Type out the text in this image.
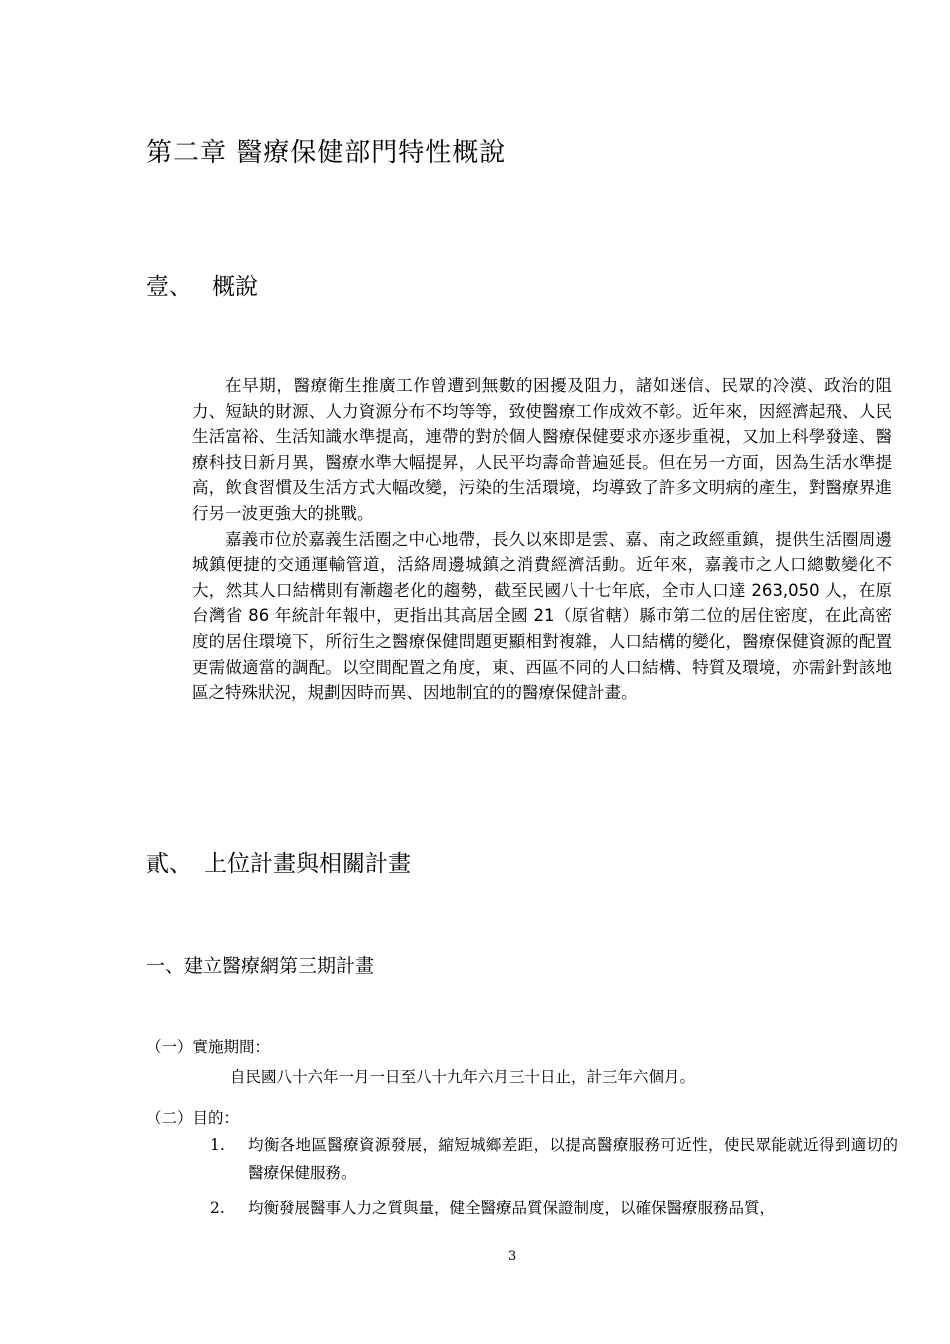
第二章 醫療保健部門特性概說
壹、 概說

在早期，醫療衛生推廣工作曾遭到無數的困擾及阻力，諸如迷信、民眾的冷漠、政治的阻力、短缺的財源、人力資源分布不均等等，致使醫療工作成效不彰。近年來，因經濟起飛、人民生活富裕、生活知識水準提高，連帶的對於個人醫療保健要求亦逐步重視，又加上科學發達、醫療科技日新月異，醫療水準大幅提昇，人民平均壽命普遍延長。但在另一方面，因為生活水準提高，飲食習慣及生活方式大幅改變，污染的生活環境，均導致了許多文明病的產生，對醫療界進行另一波更強大的挑戰。

嘉義市位於嘉義生活圈之中心地帶，長久以來即是雲、嘉、南之政經重鎮，提供生活圈周邊城鎮便捷的交通運輸管道，活絡周邊城鎮之消費經濟活動。近年來，嘉義市之人口總數變化不大，然其人口結構則有漸趨老化的趨勢，截至民國八十七年底，全市人口達 263,050 人，在原台灣省 86 年統計年報中，更指出其高居全國 21（原省轄）縣市第二位的居住密度，在此高密度的居住環境下，所衍生之醫療保健問題更顯相對複雜，人口結構的變化，醫療保健資源的配置更需做適當的調配。以空間配置之角度，東、西區不同的人口結構、特質及環境，亦需針對該地區之特殊狀況，規劃因時而異、因地制宜的的醫療保健計畫。

貳、 上位計畫與相關計畫
一、建立醫療網第三期計畫
（一）實施期間：
自民國八十六年一月一日至八十九年六月三十日止，計三年六個月。
（二）目的：
1. 均衡各地區醫療資源發展，縮短城鄉差距，以提高醫療服務可近性，使民眾能就近得到適切的醫療保健服務。
2. 均衡發展醫事人力之質與量，健全醫療品質保證制度，以確保醫療服務品質，
3
